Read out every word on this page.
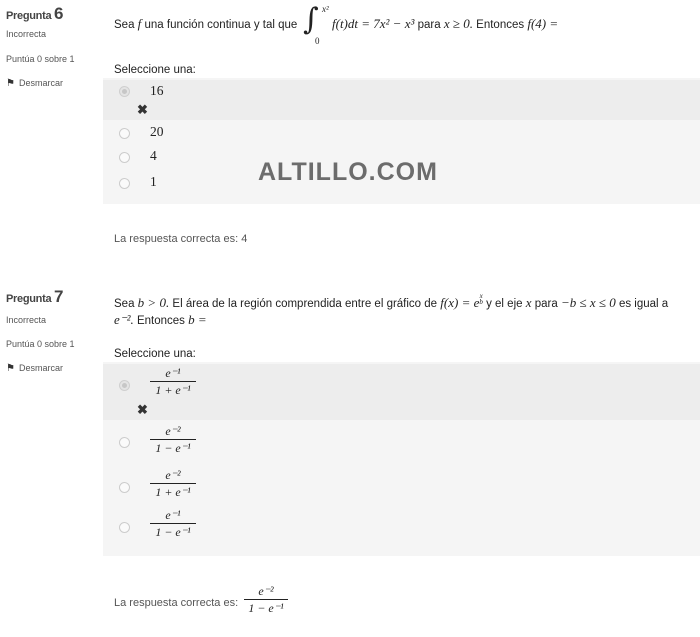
Pregunta 6
Incorrecta
Puntúa 0 sobre 1
⚑ Desmarcar
Sea f una función continua y tal que ∫ x²
0
f(t)dt = 7x² − x³ para x ≥ 0. Entonces f(4) =
Seleccione una:
16
✖
20
4
1	ALTILLO.COM
La respuesta correcta es: 4
Pregunta 7
Incorrecta
Puntúa 0 sobre 1
⚑ Desmarcar
Sea b > 0. El área de la región comprendida entre el gráfico de f(x) = ex
b y el eje x para −b ≤ x ≤ 0 es igual a
e⁻². Entonces b =
Seleccione una:
e⁻¹
1 + e⁻¹
✖
e⁻²
1 − e⁻¹
e⁻²
1 + e⁻¹
e⁻¹
1 − e⁻¹
La respuesta correcta es:
e⁻²
1 − e⁻¹
